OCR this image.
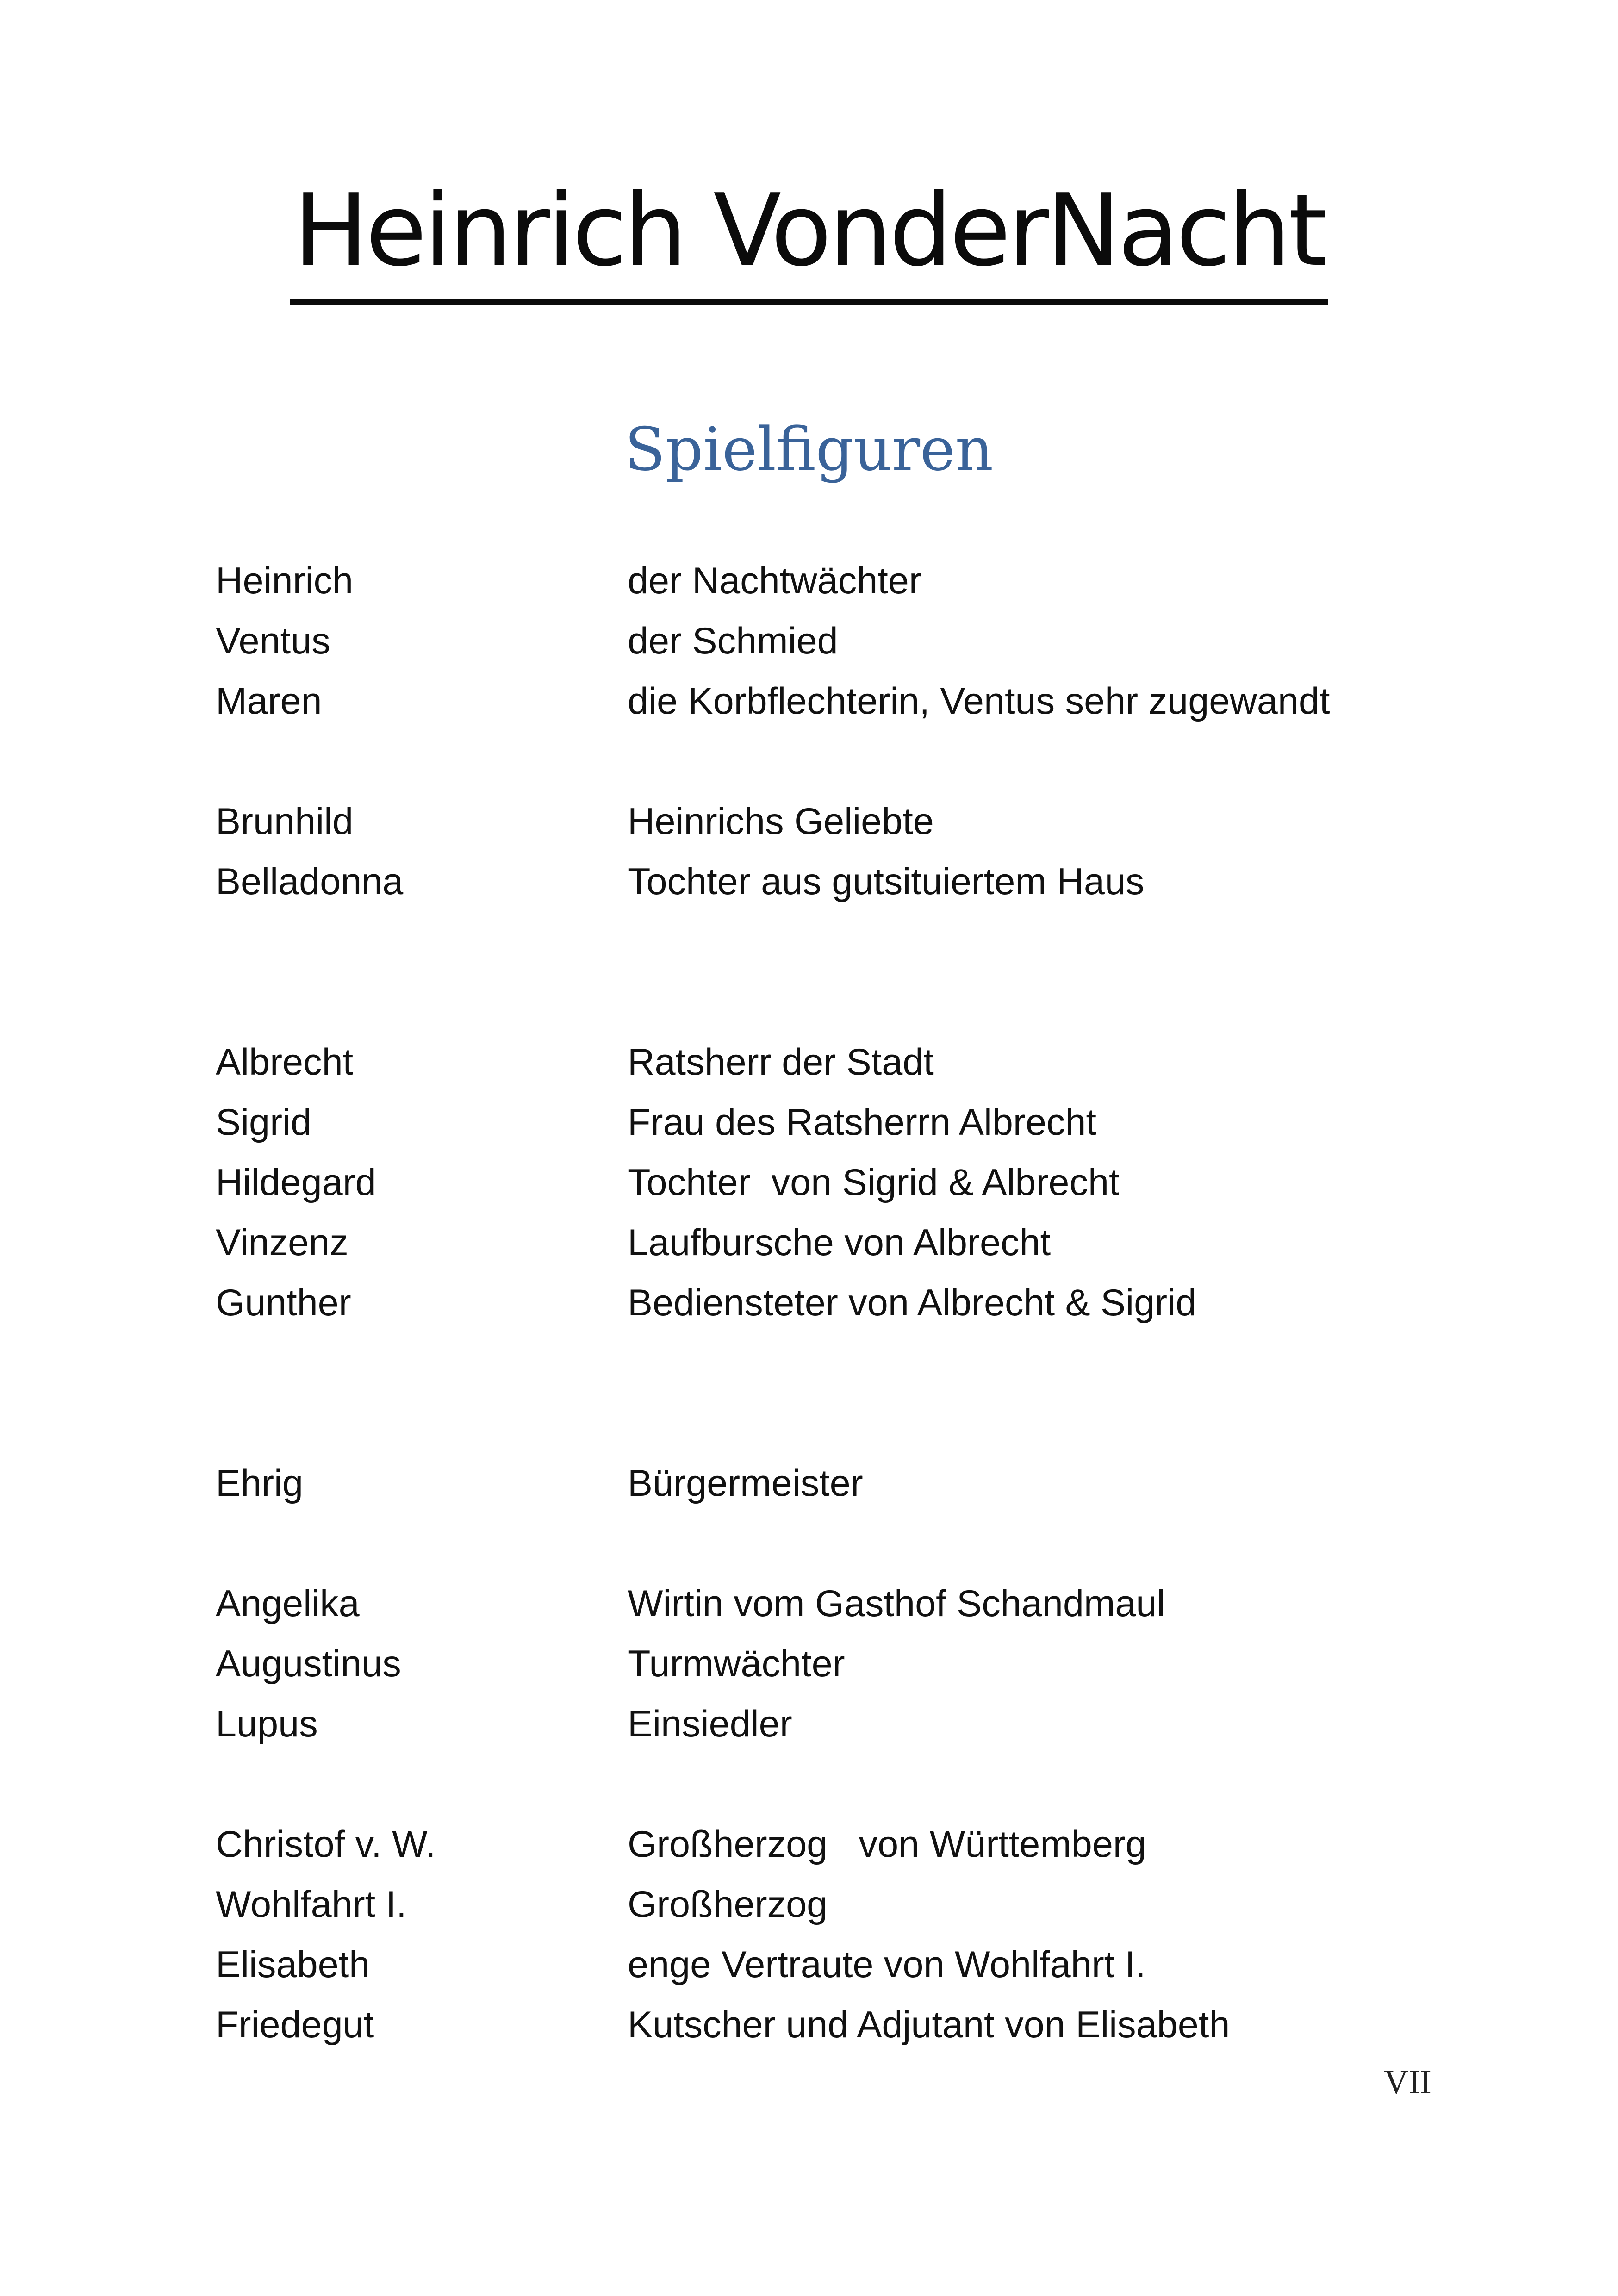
Heinrich VonderNacht
Spielfiguren
Heinrich	der Nachtwächter
Ventus	der Schmied
Maren	die Korbflechterin, Ventus sehr zugewandt
Brunhild	Heinrichs Geliebte
Belladonna	Tochter aus gutsituiertem Haus
Albrecht	Ratsherr der Stadt
Sigrid	Frau des Ratsherrn Albrecht
Hildegard	Tochter  von Sigrid & Albrecht
Vinzenz	Laufbursche von Albrecht
Gunther	Bediensteter von Albrecht & Sigrid
Ehrig	Bürgermeister
Angelika	Wirtin vom Gasthof Schandmaul
Augustinus	Turmwächter
Lupus	Einsiedler
Christof v. W.	Großherzog   von Württemberg
Wohlfahrt I.	Großherzog
Elisabeth	enge Vertraute von Wohlfahrt I.
Friedegut	Kutscher und Adjutant von Elisabeth
VII
